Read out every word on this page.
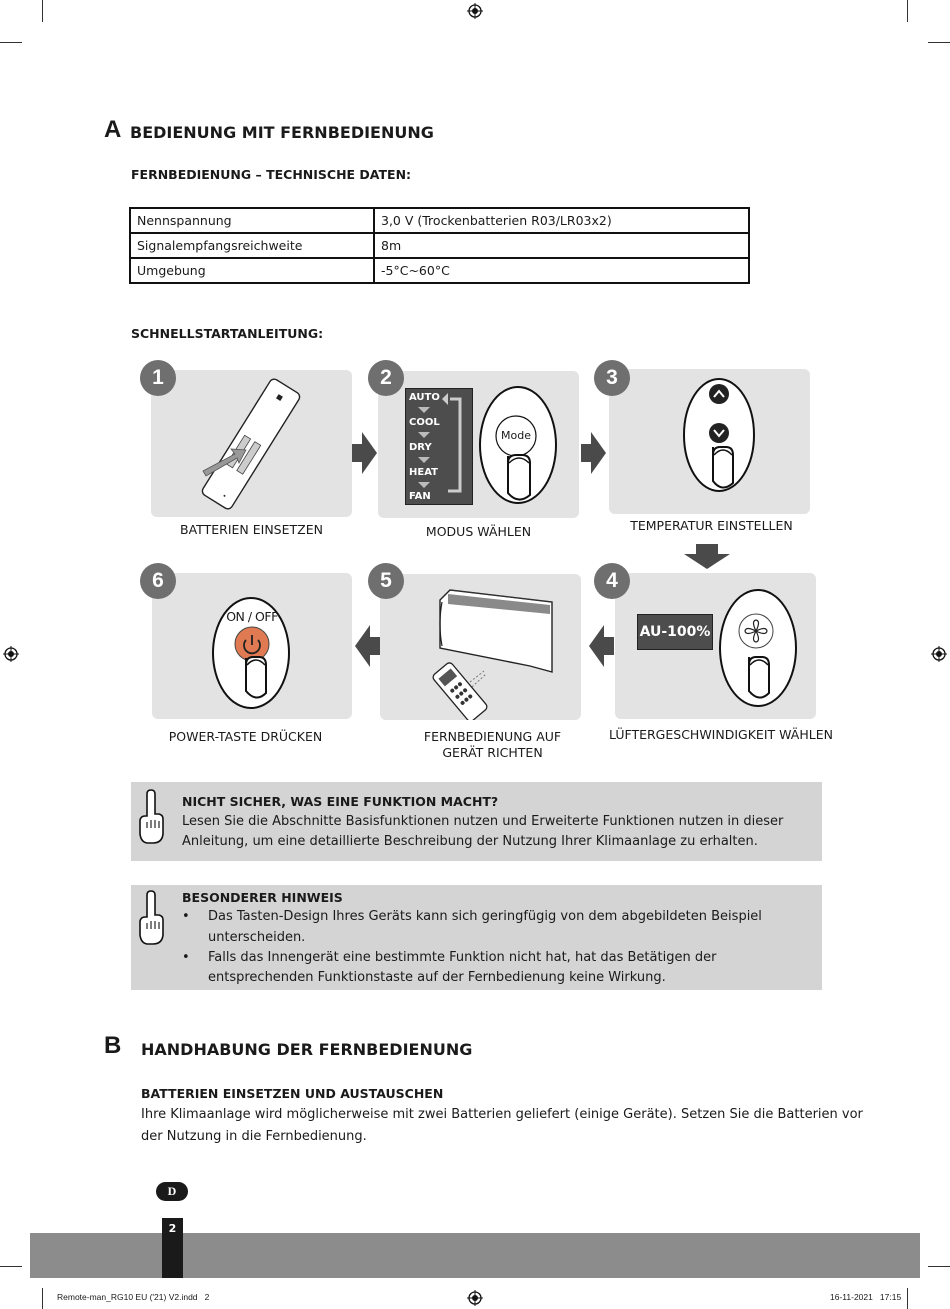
A BEDIENUNG MIT FERNBEDIENUNG
FERNBEDIENUNG – TECHNISCHE DATEN:
Nennspannung	3,0 V (Trockenbatterien R03/LR03x2)
Signalempfangsreichweite	8m
Umgebung	-5°C~60°C
SCHNELLSTARTANLEITUNG:
1
BATTERIEN EINSETZEN
AUTO
COOL
DRY
HEAT
FAN
Mode
2
MODUS WÄHLEN
3
TEMPERATUR EINSTELLEN
ON / OFF
6
POWER-TASTE DRÜCKEN
5
FERNBEDIENUNG AUF
GERÄT RICHTEN
AU-100%
4
LÜFTERGESCHWINDIGKEIT WÄHLEN
NICHT SICHER, WAS EINE FUNKTION MACHT?
Lesen Sie die Abschnitte Basisfunktionen nutzen und Erweiterte Funktionen nutzen in dieser
Anleitung, um eine detaillierte Beschreibung der Nutzung Ihrer Klimaanlage zu erhalten.
BESONDERER HINWEIS
• Das Tasten-Design Ihres Geräts kann sich geringfügig von dem abgebildeten Beispiel
unterscheiden.
• Falls das Innengerät eine bestimmte Funktion nicht hat, hat das Betätigen der
entsprechenden Funktionstaste auf der Fernbedienung keine Wirkung.
B HANDHABUNG DER FERNBEDIENUNG
BATTERIEN EINSETZEN UND AUSTAUSCHEN
Ihre Klimaanlage wird möglicherweise mit zwei Batterien geliefert (einige Geräte). Setzen Sie die Batterien vor
der Nutzung in die Fernbedienung.
D
2
Remote-man_RG10 EU ('21) V2.indd   2	16-11-2021   17:15
